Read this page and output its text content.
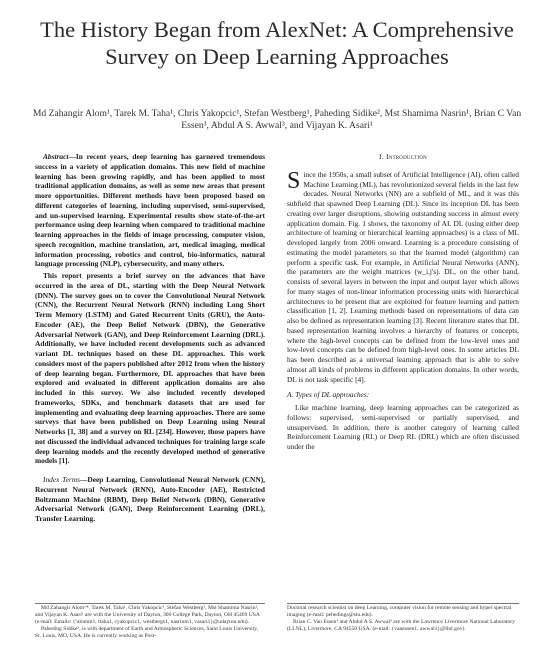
The History Began from AlexNet: A Comprehensive Survey on Deep Learning Approaches
Md Zahangir Alom¹, Tarek M. Taha¹, Chris Yakopcic¹, Stefan Westberg¹, Paheding Sidike², Mst Shamima Nasrin¹, Brian C Van Essen³, Abdul A S. Awwal³, and Vijayan K. Asari¹

Abstract—In recent years, deep learning has garnered tremendous success in a variety of application domains. This new field of machine learning has been growing rapidly, and has been applied to most traditional application domains, as well as some new areas that present more opportunities. Different methods have been proposed based on different categories of learning, including supervised, semi-supervised, and un-supervised learning. Experimental results show state-of-the-art performance using deep learning when compared to traditional machine learning approaches in the fields of image processing, computer vision, speech recognition, machine translation, art, medical imaging, medical information processing, robotics and control, bio-informatics, natural language processing (NLP), cybersecurity, and many others.

This report presents a brief survey on the advances that have occurred in the area of DL, starting with the Deep Neural Network (DNN). The survey goes on to cover the Convolutional Neural Network (CNN), the Recurrent Neural Network (RNN) including Long Short Term Memory (LSTM) and Gated Recurrent Units (GRU), the Auto-Encoder (AE), the Deep Belief Network (DBN), the Generative Adversarial Network (GAN), and Deep Reinforcement Learning (DRL). Additionally, we have included recent developments such as advanced variant DL techniques based on these DL approaches. This work considers most of the papers published after 2012 from when the history of deep learning began. Furthermore, DL approaches that have been explored and evaluated in different application domains are also included in this survey. We also included recently developed frameworks, SDKs, and benchmark datasets that are used for implementing and evaluating deep learning approaches. There are some surveys that have been published on Deep Learning using Neural Networks [1, 38] and a survey on RL [234]. However, those papers have not discussed the individual advanced techniques for training large scale deep learning models and the recently developed method of generative models [1].

Index Terms—Deep Learning, Convolutional Neural Network (CNN), Recurrent Neural Network (RNN), Auto-Encoder (AE), Restricted Boltzmann Machine (RBM), Deep Belief Network (DBN), Generative Adversarial Network (GAN), Deep Reinforcement Learning (DRL), Transfer Learning.

I. Introduction

Since the 1950s, a small subset of Artificial Intelligence (AI), often called Machine Learning (ML), has revolutionized several fields in the last few decades. Neural Networks (NN) are a subfield of ML, and it was this subfield that spawned Deep Learning (DL). Since its inception DL has been creating ever larger disruptions, showing outstanding success in almost every application domain. Fig. 1 shows, the taxonomy of AI. DL (using either deep architecture of learning or hierarchical learning approaches) is a class of ML developed largely from 2006 onward. Learning is a procedure consisting of estimating the model parameters so that the learned model (algorithm) can perform a specific task. For example, in Artificial Neural Networks (ANN), the parameters are the weight matrices (w_i,j's). DL, on the other hand, consists of several layers in between the input and output layer which allows for many stages of non-linear information processing units with hierarchical architectures to be present that are exploited for feature learning and pattern classification [1, 2]. Learning methods based on representations of data can also be defined as representation learning [3]. Recent literature states that DL based representation learning involves a hierarchy of features or concepts, where the high-level concepts can be defined from the low-level ones and low-level concepts can be defined from high-level ones. In some articles DL has been described as a universal learning approach that is able to solve almost all kinds of problems in different application domains. In other words, DL is not task specific [4].

A. Types of DL approaches:

Like machine learning, deep learning approaches can be categorized as follows: supervised, semi-supervised or partially supervised, and unsupervised. In addition, there is another category of learning called Reinforcement Learning (RL) or Deep RL (DRL) which are often discussed under the

Md Zahangir Alom¹*, Tarek M. Taha¹, Chris Yakopcic¹, Stefan Westberg¹, Mst Shamima Nasrin¹, and Vijayan K. Asari¹ are with the University of Dayton, 300 College Park, Dayton, OH 45469 USA (e-mail: Emails: {¹alomm1, ttaha1, cyakopcic1, westbergs1, nasrinm1, vasari1}@udayton.edu).

Paheding Sidike², is with department of Earth and Atmospheric Sciences, Saint Louis University, St. Louis, MO, USA. He is currently working as Post-

Doctoral research scientist on deep Learning, computer vision for remote sensing and hyper spectral imaging (e-mail: pehedings@slu.edu).

Brian C. Van Essen³ and Abdul A S. Awwal³ are with the Lawrence Livermore National Laboratory (LLNL), Livermore, CA 94550 USA. (e-mail: {vanessen1, awwal1}@llnl.gov).
